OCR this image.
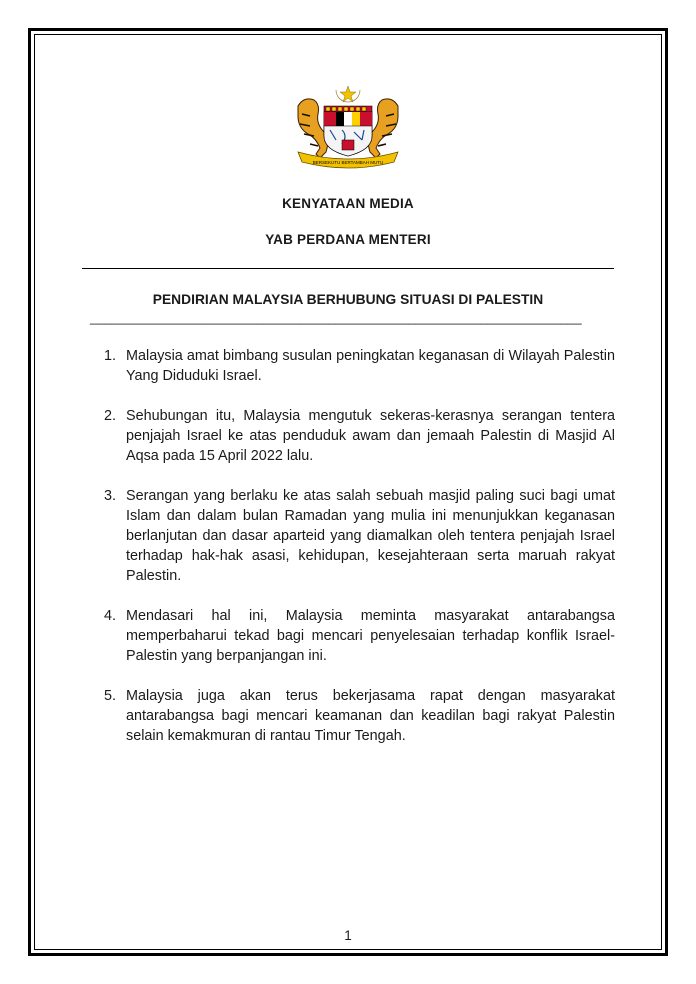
BERSEKUTU BERTAMBAH MUTU
KENYATAAN MEDIA
YAB PERDANA MENTERI
PENDIRIAN MALAYSIA BERHUBUNG SITUASI DI PALESTIN
____________________________________________________________________
1. Malaysia amat bimbang susulan peningkatan keganasan di Wilayah Palestin Yang Diduduki Israel.
2. Sehubungan itu, Malaysia mengutuk sekeras-kerasnya serangan tentera penjajah Israel ke atas penduduk awam dan jemaah Palestin di Masjid Al Aqsa pada 15 April 2022 lalu.
3. Serangan yang berlaku ke atas salah sebuah masjid paling suci bagi umat Islam dan dalam bulan Ramadan yang mulia ini menunjukkan keganasan berlanjutan dan dasar aparteid yang diamalkan oleh tentera penjajah Israel terhadap hak-hak asasi, kehidupan, kesejahteraan serta maruah rakyat Palestin.
4. Mendasari hal ini, Malaysia meminta masyarakat antarabangsa memperbaharui tekad bagi mencari penyelesaian terhadap konflik Israel-Palestin yang berpanjangan ini.
5. Malaysia juga akan terus bekerjasama rapat dengan masyarakat antarabangsa bagi mencari keamanan dan keadilan bagi rakyat Palestin selain kemakmuran di rantau Timur Tengah.
1
